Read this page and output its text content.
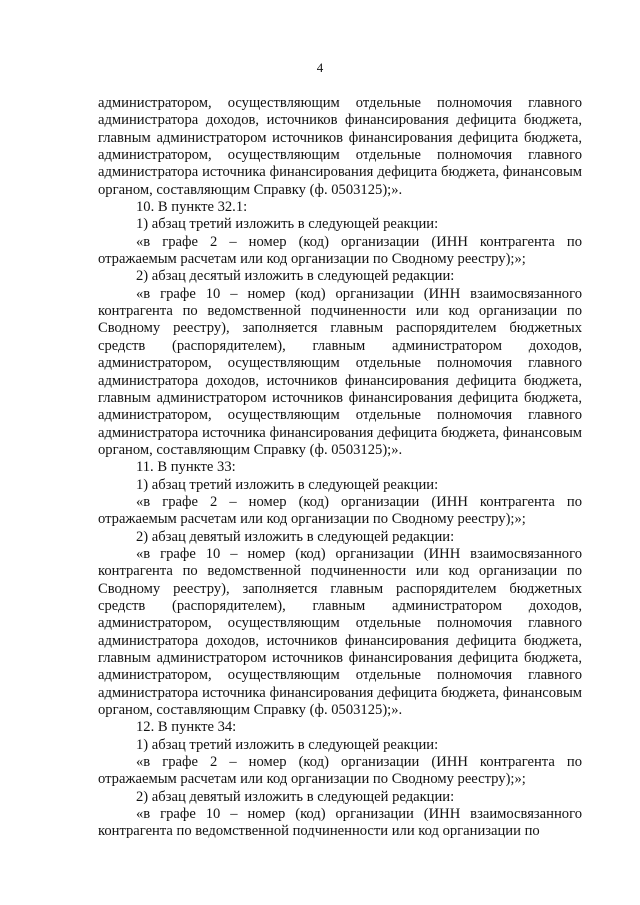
4

администратором, осуществляющим отдельные полномочия главного администратора доходов, источников финансирования дефицита бюджета, главным администратором источников финансирования дефицита бюджета, администратором, осуществляющим отдельные полномочия главного администратора источника финансирования дефицита бюджета, финансовым органом, составляющим Справку (ф. 0503125);».

10. В пункте 32.1:

1) абзац третий изложить в следующей реакции:

«в графе 2 – номер (код) организации (ИНН контрагента по отражаемым расчетам или код организации по Сводному реестру);»;

2) абзац десятый изложить в следующей редакции:

«в графе 10 – номер (код) организации (ИНН взаимосвязанного контрагента по ведомственной подчиненности или код организации по Сводному реестру), заполняется главным распорядителем бюджетных средств (распорядителем), главным администратором доходов, администратором, осуществляющим отдельные полномочия главного администратора доходов, источников финансирования дефицита бюджета, главным администратором источников финансирования дефицита бюджета, администратором, осуществляющим отдельные полномочия главного администратора источника финансирования дефицита бюджета, финансовым органом, составляющим Справку (ф. 0503125);».

11. В пункте 33:

1) абзац третий изложить в следующей реакции:

«в графе 2 – номер (код) организации (ИНН контрагента по отражаемым расчетам или код организации по Сводному реестру);»;

2) абзац девятый изложить в следующей редакции:

«в графе 10 – номер (код) организации (ИНН взаимосвязанного контрагента по ведомственной подчиненности или код организации по Сводному реестру), заполняется главным распорядителем бюджетных средств (распорядителем), главным администратором доходов, администратором, осуществляющим отдельные полномочия главного администратора доходов, источников финансирования дефицита бюджета, главным администратором источников финансирования дефицита бюджета, администратором, осуществляющим отдельные полномочия главного администратора источника финансирования дефицита бюджета, финансовым органом, составляющим Справку (ф. 0503125);».

12. В пункте 34:

1) абзац третий изложить в следующей реакции:

«в графе 2 – номер (код) организации (ИНН контрагента по отражаемым расчетам или код организации по Сводному реестру);»;

2) абзац девятый изложить в следующей редакции:

«в графе 10 – номер (код) организации (ИНН взаимосвязанного контрагента по ведомственной подчиненности или код организации по
